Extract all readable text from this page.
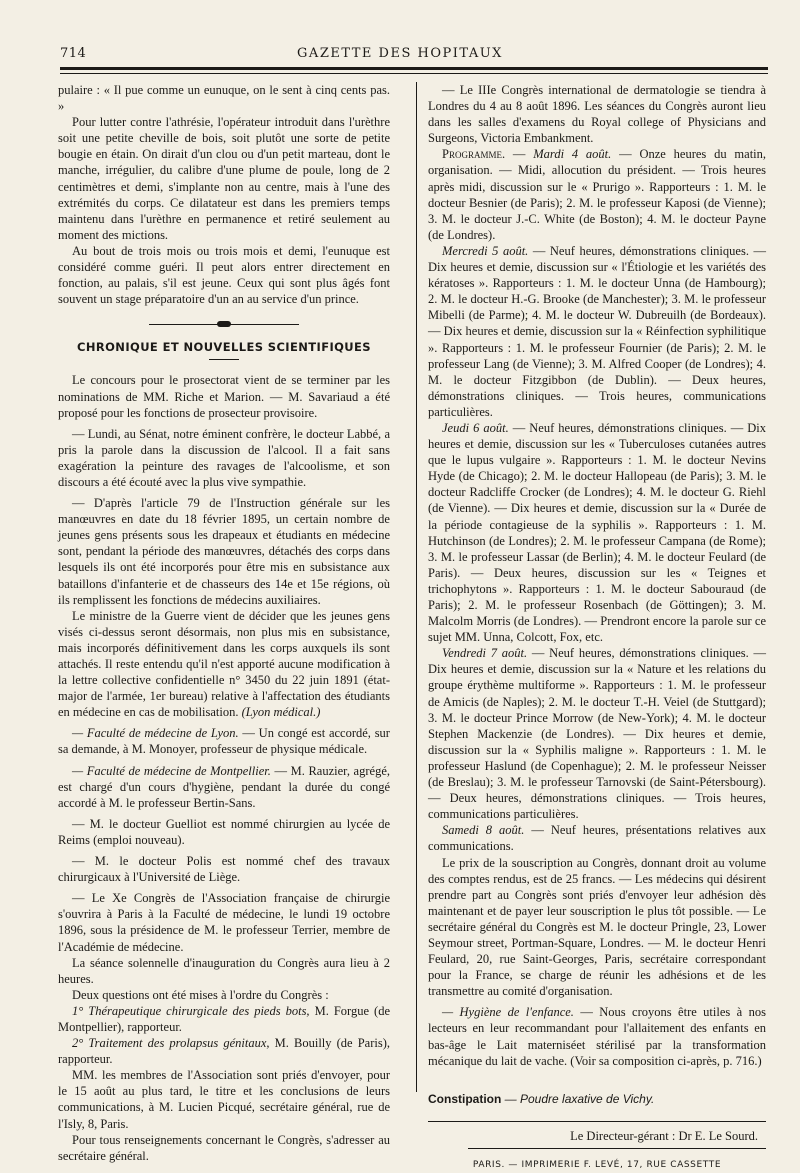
714	GAZETTE DES HOPITAUX

pulaire : « Il pue comme un eunuque, on le sent à cinq cents pas. »

Pour lutter contre l'athrésie, l'opérateur introduit dans l'urèthre soit une petite cheville de bois, soit plutôt une sorte de petite bougie en étain. On dirait d'un clou ou d'un petit marteau, dont le manche, irrégulier, du calibre d'une plume de poule, long de 2 centimètres et demi, s'implante non au centre, mais à l'une des extrémités du corps. Ce dilatateur est dans les premiers temps maintenu dans l'urèthre en permanence et retiré seulement au moment des mictions.

Au bout de trois mois ou trois mois et demi, l'eunuque est considéré comme guéri. Il peut alors entrer directement en fonction, au palais, s'il est jeune. Ceux qui sont plus âgés font souvent un stage préparatoire d'un an au service d'un prince.

CHRONIQUE ET NOUVELLES SCIENTIFIQUES

Le concours pour le prosectorat vient de se terminer par les nominations de MM. Riche et Marion. — M. Savariaud a été proposé pour les fonctions de prosecteur provisoire.

— Lundi, au Sénat, notre éminent confrère, le docteur Labbé, a pris la parole dans la discussion de l'alcool. Il a fait sans exagération la peinture des ravages de l'alcoolisme, et son discours a été écouté avec la plus vive sympathie.

— D'après l'article 79 de l'Instruction générale sur les manœuvres en date du 18 février 1895, un certain nombre de jeunes gens présents sous les drapeaux et étudiants en médecine sont, pendant la période des manœuvres, détachés des corps dans lesquels ils ont été incorporés pour être mis en subsistance aux bataillons d'infanterie et de chasseurs des 14e et 15e régions, où ils remplissent les fonctions de médecins auxiliaires.

Le ministre de la Guerre vient de décider que les jeunes gens visés ci-dessus seront désormais, non plus mis en subsistance, mais incorporés définitivement dans les corps auxquels ils sont attachés. Il reste entendu qu'il n'est apporté aucune modification à la lettre collective confidentielle n° 3450 du 22 juin 1891 (état-major de l'armée, 1er bureau) relative à l'affectation des étudiants en médecine en cas de mobilisation. (Lyon médical.)

— Faculté de médecine de Lyon. — Un congé est accordé, sur sa demande, à M. Monoyer, professeur de physique médicale.

— Faculté de médecine de Montpellier. — M. Rauzier, agrégé, est chargé d'un cours d'hygiène, pendant la durée du congé accordé à M. le professeur Bertin-Sans.

— M. le docteur Guelliot est nommé chirurgien au lycée de Reims (emploi nouveau).

— M. le docteur Polis est nommé chef des travaux chirurgicaux à l'Université de Liège.

— Le Xe Congrès de l'Association française de chirurgie s'ouvrira à Paris à la Faculté de médecine, le lundi 19 octobre 1896, sous la présidence de M. le professeur Terrier, membre de l'Académie de médecine.

La séance solennelle d'inauguration du Congrès aura lieu à 2 heures.

Deux questions ont été mises à l'ordre du Congrès :

1° Thérapeutique chirurgicale des pieds bots, M. Forgue (de Montpellier), rapporteur.

2° Traitement des prolapsus génitaux, M. Bouilly (de Paris), rapporteur.

MM. les membres de l'Association sont priés d'envoyer, pour le 15 août au plus tard, le titre et les conclusions de leurs communications, à M. Lucien Picqué, secrétaire général, rue de l'Isly, 8, Paris.

Pour tous renseignements concernant le Congrès, s'adresser au secrétaire général.

— Le IIIe Congrès international de dermatologie se tiendra à Londres du 4 au 8 août 1896. Les séances du Congrès auront lieu dans les salles d'examens du Royal college of Physicians and Surgeons, Victoria Embankment.

Programme. — Mardi 4 août. — Onze heures du matin, organisation. — Midi, allocution du président. — Trois heures après midi, discussion sur le « Prurigo ». Rapporteurs : 1. M. le docteur Besnier (de Paris); 2. M. le professeur Kaposi (de Vienne); 3. M. le docteur J.-C. White (de Boston); 4. M. le docteur Payne (de Londres).

Mercredi 5 août. — Neuf heures, démonstrations cliniques. — Dix heures et demie, discussion sur « l'Étiologie et les variétés des kératoses ». Rapporteurs : 1. M. le docteur Unna (de Hambourg); 2. M. le docteur H.-G. Brooke (de Manchester); 3. M. le professeur Mibelli (de Parme); 4. M. le docteur W. Dubreuilh (de Bordeaux). — Dix heures et demie, discussion sur la « Réinfection syphilitique ». Rapporteurs : 1. M. le professeur Fournier (de Paris); 2. M. le professeur Lang (de Vienne); 3. M. Alfred Cooper (de Londres); 4. M. le docteur Fitzgibbon (de Dublin). — Deux heures, démonstrations cliniques. — Trois heures, communications particulières.

Jeudi 6 août. — Neuf heures, démonstrations cliniques. — Dix heures et demie, discussion sur les « Tuberculoses cutanées autres que le lupus vulgaire ». Rapporteurs : 1. M. le docteur Nevins Hyde (de Chicago); 2. M. le docteur Hallopeau (de Paris); 3. M. le docteur Radcliffe Crocker (de Londres); 4. M. le docteur G. Riehl (de Vienne). — Dix heures et demie, discussion sur la « Durée de la période contagieuse de la syphilis ». Rapporteurs : 1. M. Hutchinson (de Londres); 2. M. le professeur Campana (de Rome); 3. M. le professeur Lassar (de Berlin); 4. M. le docteur Feulard (de Paris). — Deux heures, discussion sur les « Teignes et trichophytons ». Rapporteurs : 1. M. le docteur Sabouraud (de Paris); 2. M. le professeur Rosenbach (de Göttingen); 3. M. Malcolm Morris (de Londres). — Prendront encore la parole sur ce sujet MM. Unna, Colcott, Fox, etc.

Vendredi 7 août. — Neuf heures, démonstrations cliniques. — Dix heures et demie, discussion sur la « Nature et les relations du groupe érythème multiforme ». Rapporteurs : 1. M. le professeur de Amicis (de Naples); 2. M. le docteur T.-H. Veiel (de Stuttgard); 3. M. le docteur Prince Morrow (de New-York); 4. M. le docteur Stephen Mackenzie (de Londres). — Dix heures et demie, discussion sur la « Syphilis maligne ». Rapporteurs : 1. M. le professeur Haslund (de Copenhague); 2. M. le professeur Neisser (de Breslau); 3. M. le professeur Tarnovski (de Saint-Pétersbourg). — Deux heures, démonstrations cliniques. — Trois heures, communications particulières.

Samedi 8 août. — Neuf heures, présentations relatives aux communications.

Le prix de la souscription au Congrès, donnant droit au volume des comptes rendus, est de 25 francs. — Les médecins qui désirent prendre part au Congrès sont priés d'envoyer leur adhésion dès maintenant et de payer leur souscription le plus tôt possible. — Le secrétaire général du Congrès est M. le docteur Pringle, 23, Lower Seymour street, Portman-Square, Londres. — M. le docteur Henri Feulard, 20, rue Saint-Georges, Paris, secrétaire correspondant pour la France, se charge de réunir les adhésions et de les transmettre au comité d'organisation.

— Hygiène de l'enfance. — Nous croyons être utiles à nos lecteurs en leur recommandant pour l'allaitement des enfants en bas-âge le Lait materniséet stérilisé par la transformation mécanique du lait de vache. (Voir sa composition ci-après, p. 716.)

Constipation — Poudre laxative de Vichy.
Le Directeur-gérant : Dr E. Le Sourd.
PARIS. — IMPRIMERIE F. LEVÉ, 17, RUE CASSETTE
